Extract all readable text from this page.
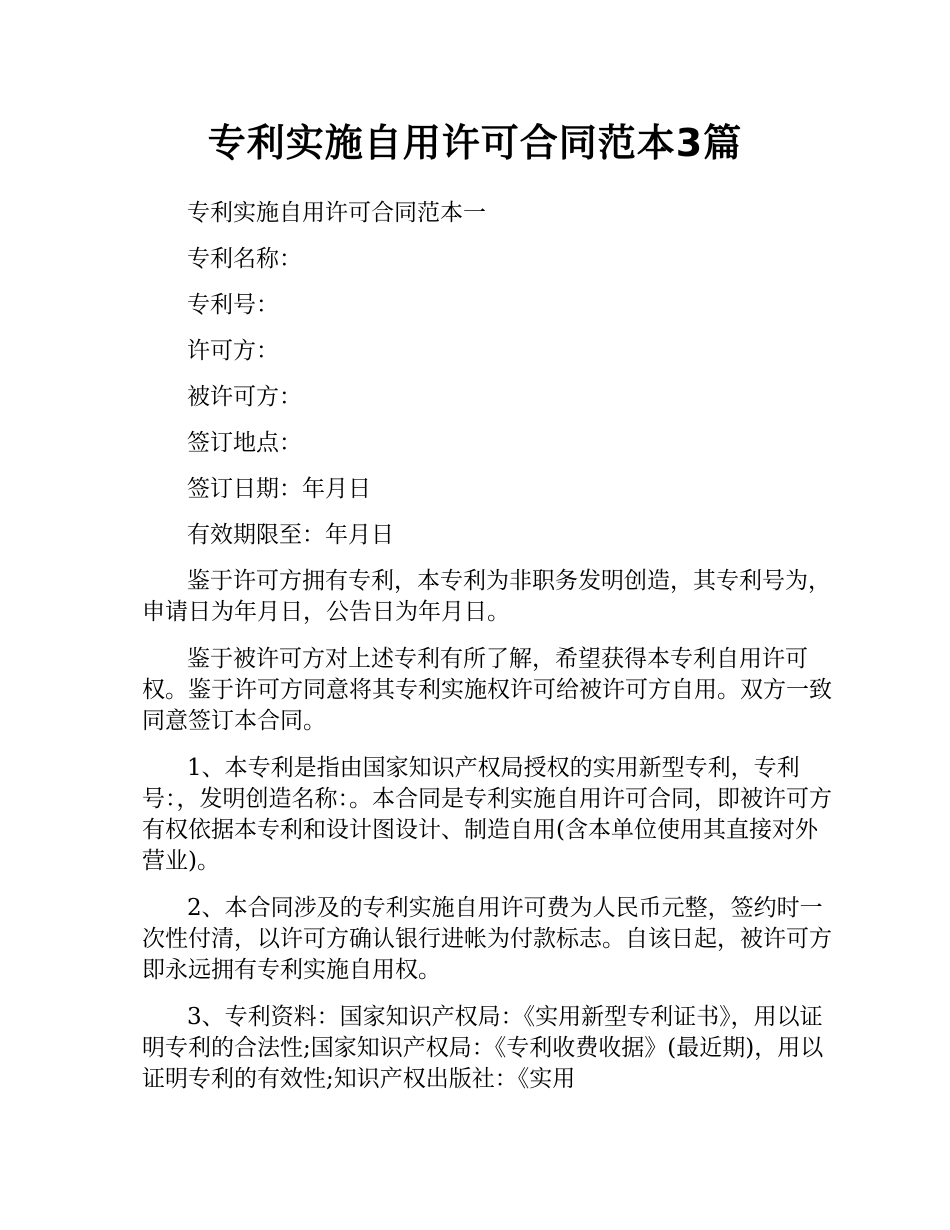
专利实施自用许可合同范本3篇
专利实施自用许可合同范本一
专利名称：
专利号：
许可方：
被许可方：
签订地点：
签订日期：年月日
有效期限至：年月日

鉴于许可方拥有专利，本专利为非职务发明创造，其专利号为，申请日为年月日，公告日为年月日。

鉴于被许可方对上述专利有所了解，希望获得本专利自用许可权。鉴于许可方同意将其专利实施权许可给被许可方自用。双方一致同意签订本合同。

1、本专利是指由国家知识产权局授权的实用新型专利，专利号：，发明创造名称：。本合同是专利实施自用许可合同，即被许可方有权依据本专利和设计图设计、制造自用(含本单位使用其直接对外营业)。

2、本合同涉及的专利实施自用许可费为人民币元整，签约时一次性付清，以许可方确认银行进帐为付款标志。自该日起，被许可方即永远拥有专利实施自用权。

3、专利资料：国家知识产权局：《实用新型专利证书》，用以证明专利的合法性;国家知识产权局：《专利收费收据》(最近期)，用以证明专利的有效性;知识产权出版社：《实用
